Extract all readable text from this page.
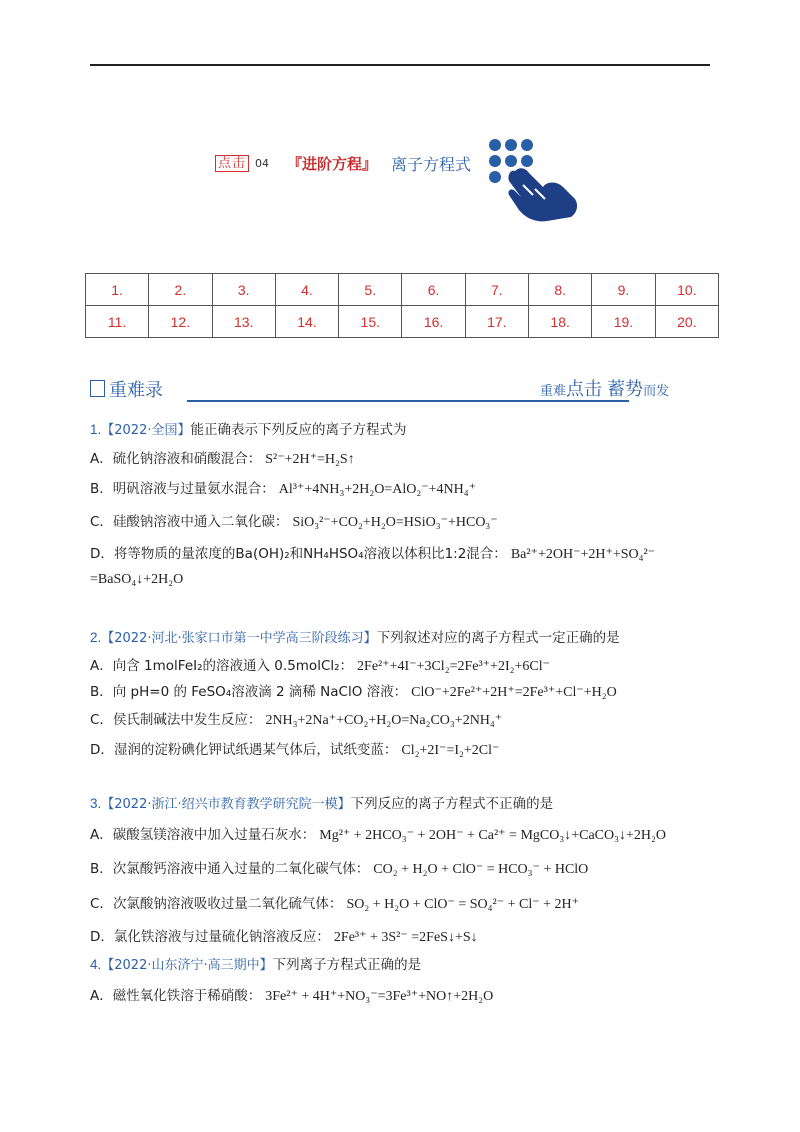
点击 04 『进阶方程』 离子方程式
1.	2.	3.	4.	5.	6.	7.	8.	9.	10.
11.	12.	13.	14.	15.	16.	17.	18.	19.	20.
重难录	重难点击 蓄势而发
1.【2022·全国】能正确表示下列反应的离子方程式为
A．硫化钠溶液和硝酸混合： S²⁻+2H⁺=H₂S↑
B．明矾溶液与过量氨水混合： Al³⁺+4NH₃+2H₂O=AlO₂⁻+4NH₄⁺
C．硅酸钠溶液中通入二氧化碳： SiO₃²⁻+CO₂+H₂O=HSiO₃⁻+HCO₃⁻
D．将等物质的量浓度的Ba(OH)₂和NH₄HSO₄溶液以体积比1:2混合： Ba²⁺+2OH⁻+2H⁺+SO₄²⁻
=BaSO₄↓+2H₂O
2.【2022·河北·张家口市第一中学高三阶段练习】下列叙述对应的离子方程式一定正确的是
A．向含 1molFeI₂的溶液通入 0.5molCl₂： 2Fe²⁺+4I⁻+3Cl₂=2Fe³⁺+2I₂+6Cl⁻
B．向 pH=0 的 FeSO₄溶液滴 2 滴稀 NaClO 溶液： ClO⁻+2Fe²⁺+2H⁺=2Fe³⁺+Cl⁻+H₂O
C．侯氏制碱法中发生反应： 2NH₃+2Na⁺+CO₂+H₂O=Na₂CO₃+2NH₄⁺
D．湿润的淀粉碘化钾试纸遇某气体后，试纸变蓝： Cl₂+2I⁻=I₂+2Cl⁻
3.【2022·浙江·绍兴市教育教学研究院一模】下列反应的离子方程式不正确的是
A．碳酸氢镁溶液中加入过量石灰水： Mg²⁺ + 2HCO₃⁻ + 2OH⁻ + Ca²⁺ = MgCO₃↓+CaCO₃↓+2H₂O
B．次氯酸钙溶液中通入过量的二氧化碳气体： CO₂ + H₂O + ClO⁻ = HCO₃⁻ + HClO
C．次氯酸钠溶液吸收过量二氧化硫气体： SO₂ + H₂O + ClO⁻ = SO₄²⁻ + Cl⁻ + 2H⁺
D．氯化铁溶液与过量硫化钠溶液反应： 2Fe³⁺ + 3S²⁻ =2FeS↓+S↓
4.【2022·山东济宁·高三期中】下列离子方程式正确的是
A．磁性氧化铁溶于稀硝酸： 3Fe²⁺ + 4H⁺+NO₃⁻=3Fe³⁺+NO↑+2H₂O
